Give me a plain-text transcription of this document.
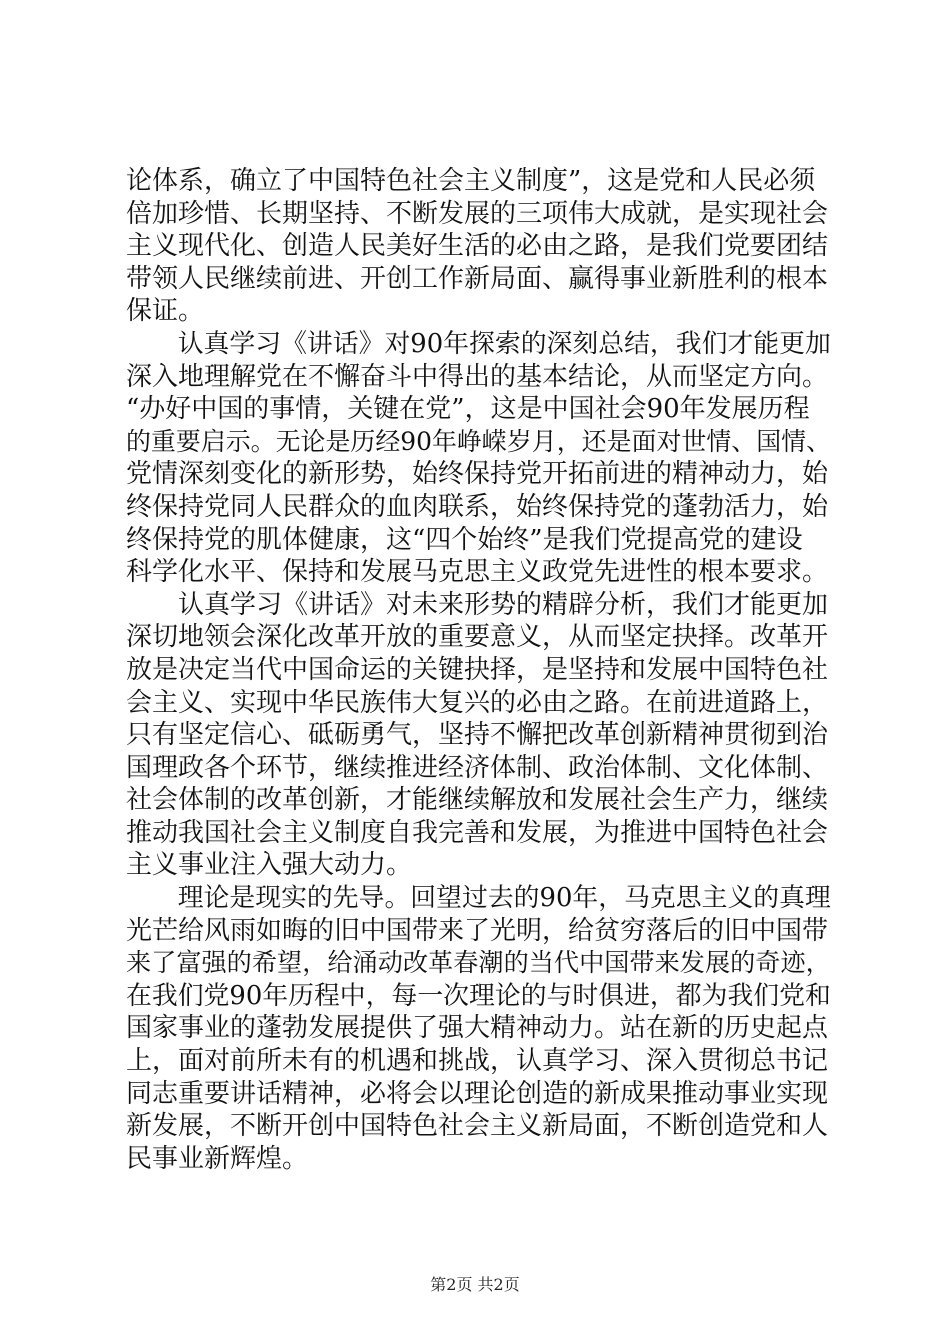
论体系，确立了中国特色社会主义制度”，这是党和人民必须
倍加珍惜、长期坚持、不断发展的三项伟大成就，是实现社会
主义现代化、创造人民美好生活的必由之路，是我们党要团结
带领人民继续前进、开创工作新局面、赢得事业新胜利的根本
保证。
　　认真学习《讲话》对90年探索的深刻总结，我们才能更加
深入地理解党在不懈奋斗中得出的基本结论，从而坚定方向。
“办好中国的事情，关键在党”，这是中国社会90年发展历程
的重要启示。无论是历经90年峥嵘岁月，还是面对世情、国情、
党情深刻变化的新形势，始终保持党开拓前进的精神动力，始
终保持党同人民群众的血肉联系，始终保持党的蓬勃活力，始
终保持党的肌体健康，这“四个始终”是我们党提高党的建设
科学化水平、保持和发展马克思主义政党先进性的根本要求。
　　认真学习《讲话》对未来形势的精辟分析，我们才能更加
深切地领会深化改革开放的重要意义，从而坚定抉择。改革开
放是决定当代中国命运的关键抉择，是坚持和发展中国特色社
会主义、实现中华民族伟大复兴的必由之路。在前进道路上，
只有坚定信心、砥砺勇气，坚持不懈把改革创新精神贯彻到治
国理政各个环节，继续推进经济体制、政治体制、文化体制、
社会体制的改革创新，才能继续解放和发展社会生产力，继续
推动我国社会主义制度自我完善和发展，为推进中国特色社会
主义事业注入强大动力。
　　理论是现实的先导。回望过去的90年，马克思主义的真理
光芒给风雨如晦的旧中国带来了光明，给贫穷落后的旧中国带
来了富强的希望，给涌动改革春潮的当代中国带来发展的奇迹，
在我们党90年历程中，每一次理论的与时俱进，都为我们党和
国家事业的蓬勃发展提供了强大精神动力。站在新的历史起点
上，面对前所未有的机遇和挑战，认真学习、深入贯彻总书记
同志重要讲话精神，必将会以理论创造的新成果推动事业实现
新发展，不断开创中国特色社会主义新局面，不断创造党和人
民事业新辉煌。
第2页 共2页
